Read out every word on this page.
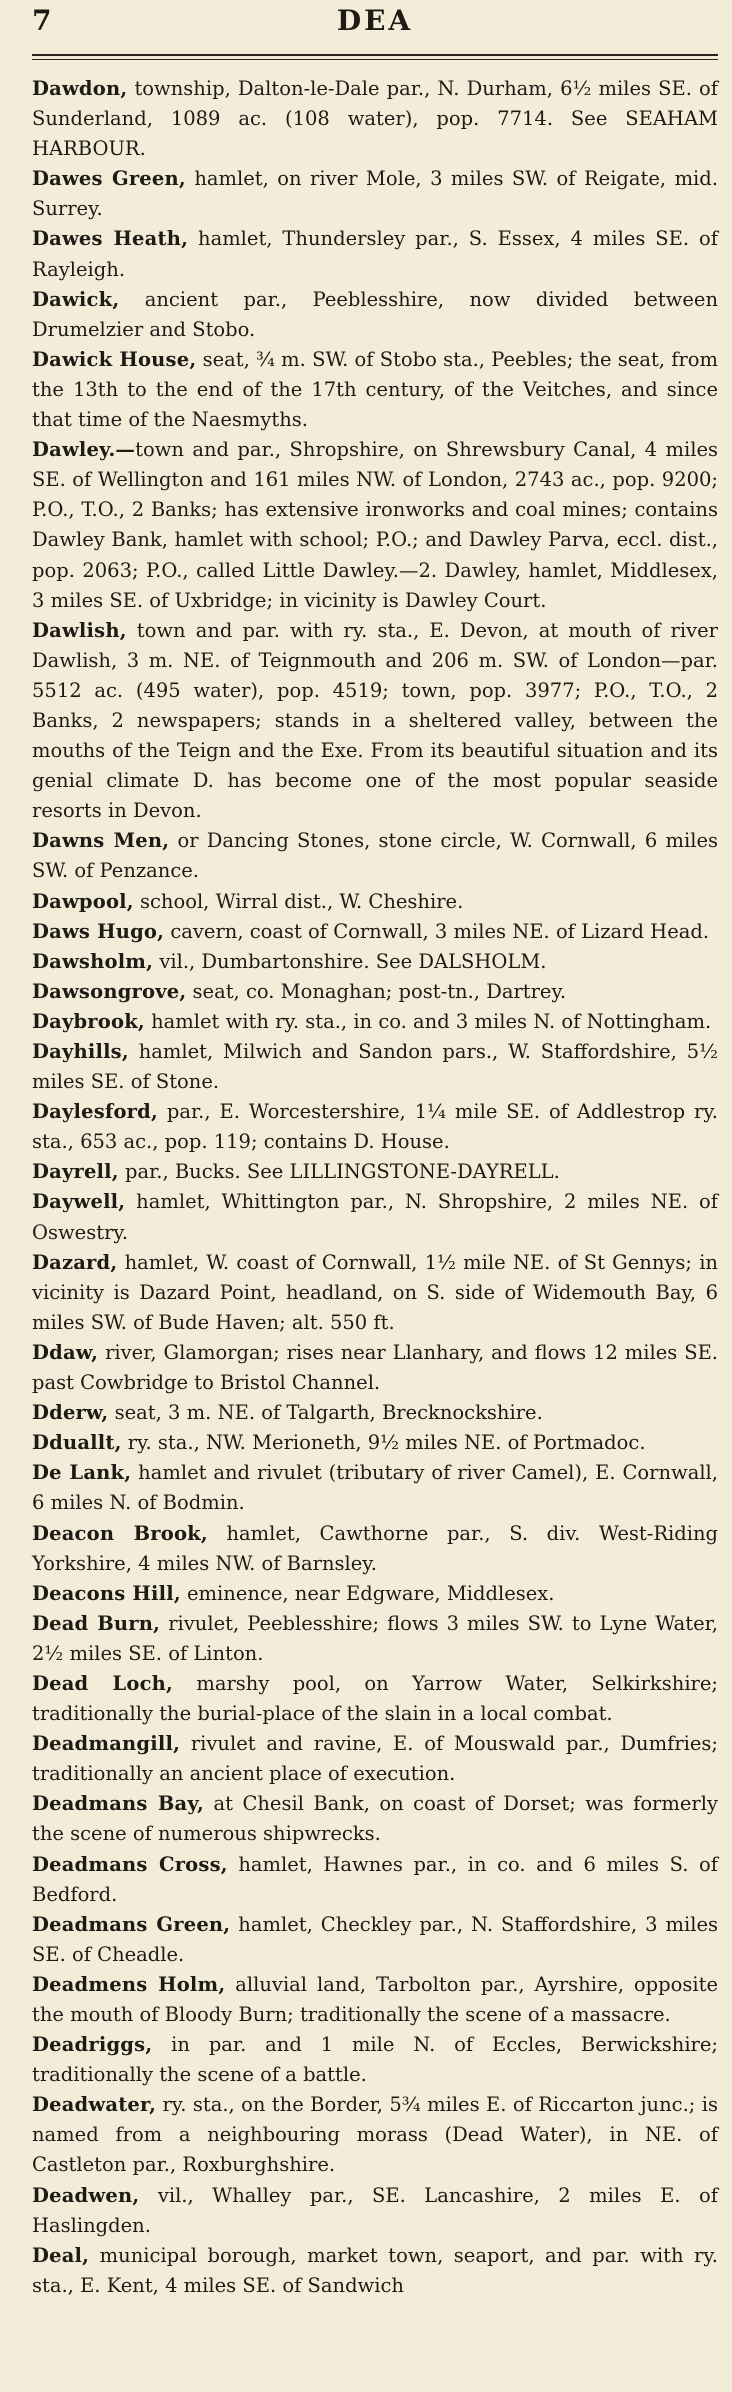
7	DEA

Dawdon, township, Dalton-le-Dale par., N. Durham, 6½ miles SE. of Sunderland, 1089 ac. (108 water), pop. 7714. See SEAHAM HARBOUR.

Dawes Green, hamlet, on river Mole, 3 miles SW. of Reigate, mid. Surrey.

Dawes Heath, hamlet, Thundersley par., S. Essex, 4 miles SE. of Rayleigh.

Dawick, ancient par., Peeblesshire, now divided between Drumelzier and Stobo.

Dawick House, seat, ¾ m. SW. of Stobo sta., Peebles; the seat, from the 13th to the end of the 17th century, of the Veitches, and since that time of the Naesmyths.

Dawley.—town and par., Shropshire, on Shrewsbury Canal, 4 miles SE. of Wellington and 161 miles NW. of London, 2743 ac., pop. 9200; P.O., T.O., 2 Banks; has extensive ironworks and coal mines; contains Dawley Bank, hamlet with school; P.O.; and Dawley Parva, eccl. dist., pop. 2063; P.O., called Little Dawley.—2. Dawley, hamlet, Middlesex, 3 miles SE. of Uxbridge; in vicinity is Dawley Court.

Dawlish, town and par. with ry. sta., E. Devon, at mouth of river Dawlish, 3 m. NE. of Teignmouth and 206 m. SW. of London—par. 5512 ac. (495 water), pop. 4519; town, pop. 3977; P.O., T.O., 2 Banks, 2 newspapers; stands in a sheltered valley, between the mouths of the Teign and the Exe. From its beautiful situation and its genial climate D. has become one of the most popular seaside resorts in Devon.

Dawns Men, or Dancing Stones, stone circle, W. Cornwall, 6 miles SW. of Penzance.

Dawpool, school, Wirral dist., W. Cheshire.

Daws Hugo, cavern, coast of Cornwall, 3 miles NE. of Lizard Head.

Dawsholm, vil., Dumbartonshire. See DALSHOLM.

Dawsongrove, seat, co. Monaghan; post-tn., Dartrey.

Daybrook, hamlet with ry. sta., in co. and 3 miles N. of Nottingham.

Dayhills, hamlet, Milwich and Sandon pars., W. Staffordshire, 5½ miles SE. of Stone.

Daylesford, par., E. Worcestershire, 1¼ mile SE. of Addlestrop ry. sta., 653 ac., pop. 119; contains D. House.

Dayrell, par., Bucks. See LILLINGSTONE-DAYRELL.

Daywell, hamlet, Whittington par., N. Shropshire, 2 miles NE. of Oswestry.

Dazard, hamlet, W. coast of Cornwall, 1½ mile NE. of St Gennys; in vicinity is Dazard Point, headland, on S. side of Widemouth Bay, 6 miles SW. of Bude Haven; alt. 550 ft.

Ddaw, river, Glamorgan; rises near Llanhary, and flows 12 miles SE. past Cowbridge to Bristol Channel.

Dderw, seat, 3 m. NE. of Talgarth, Brecknockshire.

Dduallt, ry. sta., NW. Merioneth, 9½ miles NE. of Portmadoc.

De Lank, hamlet and rivulet (tributary of river Camel), E. Cornwall, 6 miles N. of Bodmin.

Deacon Brook, hamlet, Cawthorne par., S. div. West-Riding Yorkshire, 4 miles NW. of Barnsley.

Deacons Hill, eminence, near Edgware, Middlesex.

Dead Burn, rivulet, Peeblesshire; flows 3 miles SW. to Lyne Water, 2½ miles SE. of Linton.

Dead Loch, marshy pool, on Yarrow Water, Selkirkshire; traditionally the burial-place of the slain in a local combat.

Deadmangill, rivulet and ravine, E. of Mouswald par., Dumfries; traditionally an ancient place of execution.

Deadmans Bay, at Chesil Bank, on coast of Dorset; was formerly the scene of numerous shipwrecks.

Deadmans Cross, hamlet, Hawnes par., in co. and 6 miles S. of Bedford.

Deadmans Green, hamlet, Checkley par., N. Staffordshire, 3 miles SE. of Cheadle.

Deadmens Holm, alluvial land, Tarbolton par., Ayrshire, opposite the mouth of Bloody Burn; traditionally the scene of a massacre.

Deadriggs, in par. and 1 mile N. of Eccles, Berwickshire; traditionally the scene of a battle.

Deadwater, ry. sta., on the Border, 5¾ miles E. of Riccarton junc.; is named from a neighbouring morass (Dead Water), in NE. of Castleton par., Roxburghshire.

Deadwen, vil., Whalley par., SE. Lancashire, 2 miles E. of Haslingden.

Deal, municipal borough, market town, seaport, and par. with ry. sta., E. Kent, 4 miles SE. of Sandwich
